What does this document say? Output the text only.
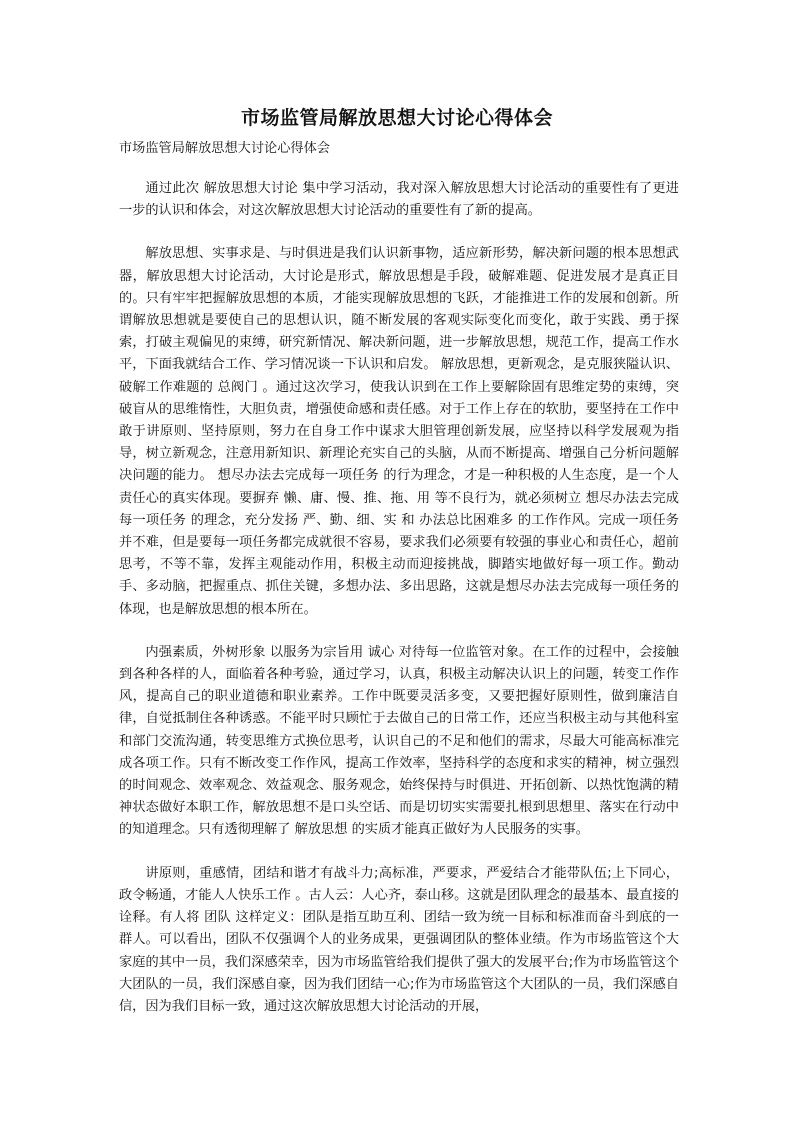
市场监管局解放思想大讨论心得体会

市场监管局解放思想大讨论心得体会

通过此次 解放思想大讨论 集中学习活动，我对深入解放思想大讨论活动的重要性有了更进一步的认识和体会，对这次解放思想大讨论活动的重要性有了新的提高。

解放思想、实事求是、与时俱进是我们认识新事物，适应新形势，解决新问题的根本思想武器，解放思想大讨论活动，大讨论是形式，解放思想是手段，破解难题、促进发展才是真正目的。只有牢牢把握解放思想的本质，才能实现解放思想的飞跃，才能推进工作的发展和创新。所谓解放思想就是要使自己的思想认识，随不断发展的客观实际变化而变化，敢于实践、勇于探索，打破主观偏见的束缚，研究新情况、解决新问题，进一步解放思想，规范工作，提高工作水平，下面我就结合工作、学习情况谈一下认识和启发。 解放思想，更新观念，是克服狭隘认识、破解工作难题的 总阀门 。通过这次学习，使我认识到在工作上要解除固有思维定势的束缚，突破盲从的思维惰性，大胆负责，增强使命感和责任感。对于工作上存在的软肋，要坚持在工作中敢于讲原则、坚持原则，努力在自身工作中谋求大胆管理创新发展，应坚持以科学发展观为指导，树立新观念，注意用新知识、新理论充实自己的头脑，从而不断提高、增强自己分析问题解决问题的能力。 想尽办法去完成每一项任务 的行为理念，才是一种积极的人生态度，是一个人责任心的真实体现。要摒弃 懒、庸、慢、推、拖、用 等不良行为，就必须树立 想尽办法去完成每一项任务 的理念，充分发扬 严、勤、细、实 和 办法总比困难多 的工作作风。完成一项任务并不难，但是要每一项任务都完成就很不容易，要求我们必须要有较强的事业心和责任心，超前思考，不等不靠，发挥主观能动作用，积极主动而迎接挑战，脚踏实地做好每一项工作。勤动手、多动脑，把握重点、抓住关键，多想办法、多出思路，这就是想尽办法去完成每一项任务的体现，也是解放思想的根本所在。

内强素质，外树形象 以服务为宗旨用 诚心 对待每一位监管对象。在工作的过程中，会接触到各种各样的人，面临着各种考验，通过学习，认真，积极主动解决认识上的问题，转变工作作风，提高自己的职业道德和职业素养。工作中既要灵活多变，又要把握好原则性，做到廉洁自律，自觉抵制住各种诱惑。不能平时只顾忙于去做自己的日常工作，还应当积极主动与其他科室和部门交流沟通，转变思维方式换位思考，认识自己的不足和他们的需求，尽最大可能高标准完成各项工作。只有不断改变工作作风，提高工作效率，坚持科学的态度和求实的精神，树立强烈的时间观念、效率观念、效益观念、服务观念，始终保持与时俱进、开拓创新、以热忱饱满的精神状态做好本职工作，解放思想不是口头空话、而是切切实实需要扎根到思想里、落实在行动中的知道理念。只有透彻理解了 解放思想 的实质才能真正做好为人民服务的实事。

讲原则，重感情，团结和谐才有战斗力;高标准，严要求，严爱结合才能带队伍;上下同心，政令畅通，才能人人快乐工作 。古人云：人心齐，泰山移。这就是团队理念的最基本、最直接的诠释。有人将 团队 这样定义：团队是指互助互利、团结一致为统一目标和标准而奋斗到底的一群人。可以看出，团队不仅强调个人的业务成果，更强调团队的整体业绩。作为市场监管这个大家庭的其中一员，我们深感荣幸，因为市场监管给我们提供了强大的发展平台;作为市场监管这个大团队的一员，我们深感自豪，因为我们团结一心;作为市场监管这个大团队的一员，我们深感自信，因为我们目标一致，通过这次解放思想大讨论活动的开展，
